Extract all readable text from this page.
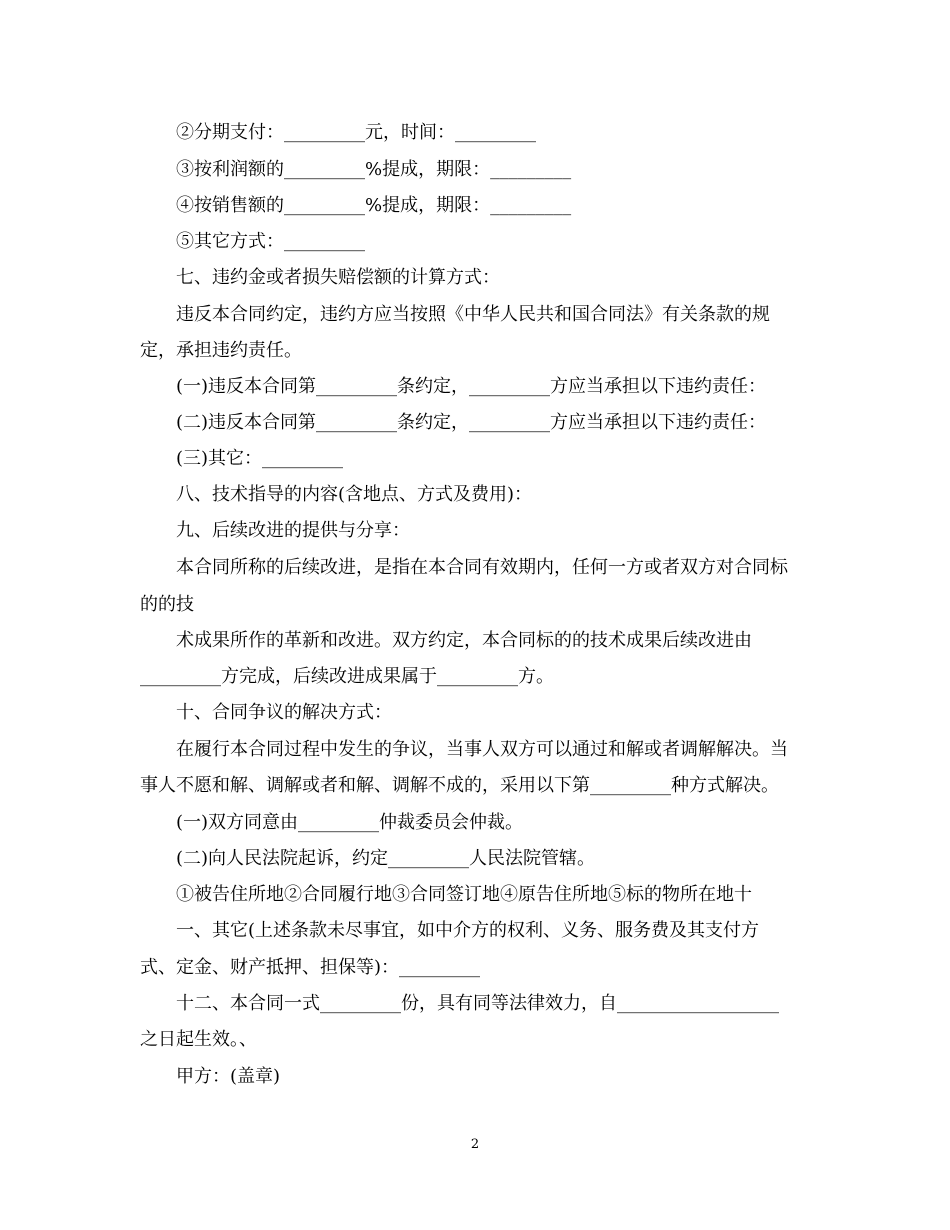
②分期支付：_________元，时间：_________
③按利润额的_________%提成，期限：_________
④按销售额的_________%提成，期限：_________
⑤其它方式：_________
七、违约金或者损失赔偿额的计算方式：
违反本合同约定，违约方应当按照《中华人民共和国合同法》有关条款的规
定，承担违约责任。
(一)违反本合同第_________条约定，_________方应当承担以下违约责任：
(二)违反本合同第_________条约定，_________方应当承担以下违约责任：
(三)其它：_________
八、技术指导的内容(含地点、方式及费用)：
九、后续改进的提供与分享：
本合同所称的后续改进，是指在本合同有效期内，任何一方或者双方对合同标
的的技
术成果所作的革新和改进。双方约定，本合同标的的技术成果后续改进由
_________方完成，后续改进成果属于_________方。
十、合同争议的解决方式：
在履行本合同过程中发生的争议，当事人双方可以通过和解或者调解解决。当
事人不愿和解、调解或者和解、调解不成的，采用以下第_________种方式解决。
(一)双方同意由_________仲裁委员会仲裁。
(二)向人民法院起诉，约定_________人民法院管辖。
①被告住所地②合同履行地③合同签订地④原告住所地⑤标的物所在地十
一、其它(上述条款未尽事宜，如中介方的权利、义务、服务费及其支付方
式、定金、财产抵押、担保等)：_________
十二、本合同一式_________份，具有同等法律效力，自__________________
之日起生效。、
甲方：(盖章)
2
